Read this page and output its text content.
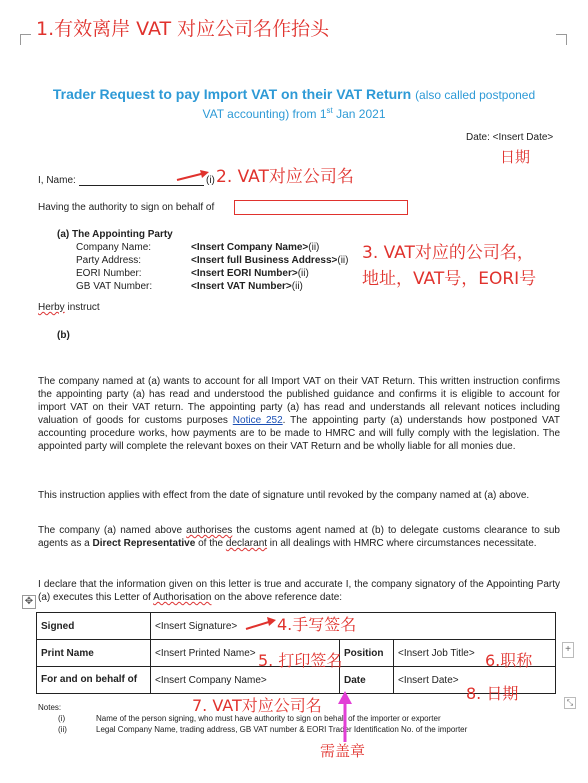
1.有效离岸 VAT 对应公司名作抬头
Trader Request to pay Import VAT on their VAT Return (also called postponed
VAT accounting) from 1st Jan 2021
Date: <Insert Date>
日期
I, Name:	(i) 2. VAT对应公司名
Having the authority to sign on behalf of
(a) The Appointing Party
Company Name:	<Insert Company Name> (ii)
Party Address:	<Insert full Business Address> (ii)
EORI Number:	<Insert EORI Number> (ii)
GB VAT Number:	<Insert VAT Number> (ii)
3. VAT对应的公司名，
地址，VAT号，EORI号
Herby instruct
(b)
The company named at (a) wants to account for all Import VAT on their VAT Return. This written instruction confirms the appointing party (a) has read and understood the published guidance and confirms it is eligible to account for import VAT on their VAT return. The appointing party (a) has read and understands all relevant notices including valuation of goods for customs purposes Notice 252. The appointing party (a) understands how postponed VAT accounting procedure works, how payments are to be made to HMRC and will fully comply with the legislation. The appointed party will complete the relevant boxes on their VAT Return and be wholly liable for all monies due.
This instruction applies with effect from the date of signature until revoked by the company named at (a) above.
The company (a) named above authorises the customs agent named at (b) to delegate customs clearance to sub agents as a Direct Representative of the declarant in all dealings with HMRC where circumstances necessitate.
I declare that the information given on this letter is true and accurate I, the company signatory of the Appointing Party (a) executes this Letter of Authorisation on the above reference date:
✥
Signed	<Insert Signature>		
Print Name	<Insert Printed Name>	Position	<Insert Job Title>
For and on behalf of	<Insert Company Name>	Date	<Insert Date>
+
⤡
4.手写签名
5. 打印签名	6.职称
7. VAT对应公司名
8. 日期
Notes:
(i)	Name of the person signing, who must have authority to sign on behalf of the importer or exporter
(ii)	Legal Company Name, trading address, GB VAT number & EORI Trader Identification No. of the importer
需盖章
